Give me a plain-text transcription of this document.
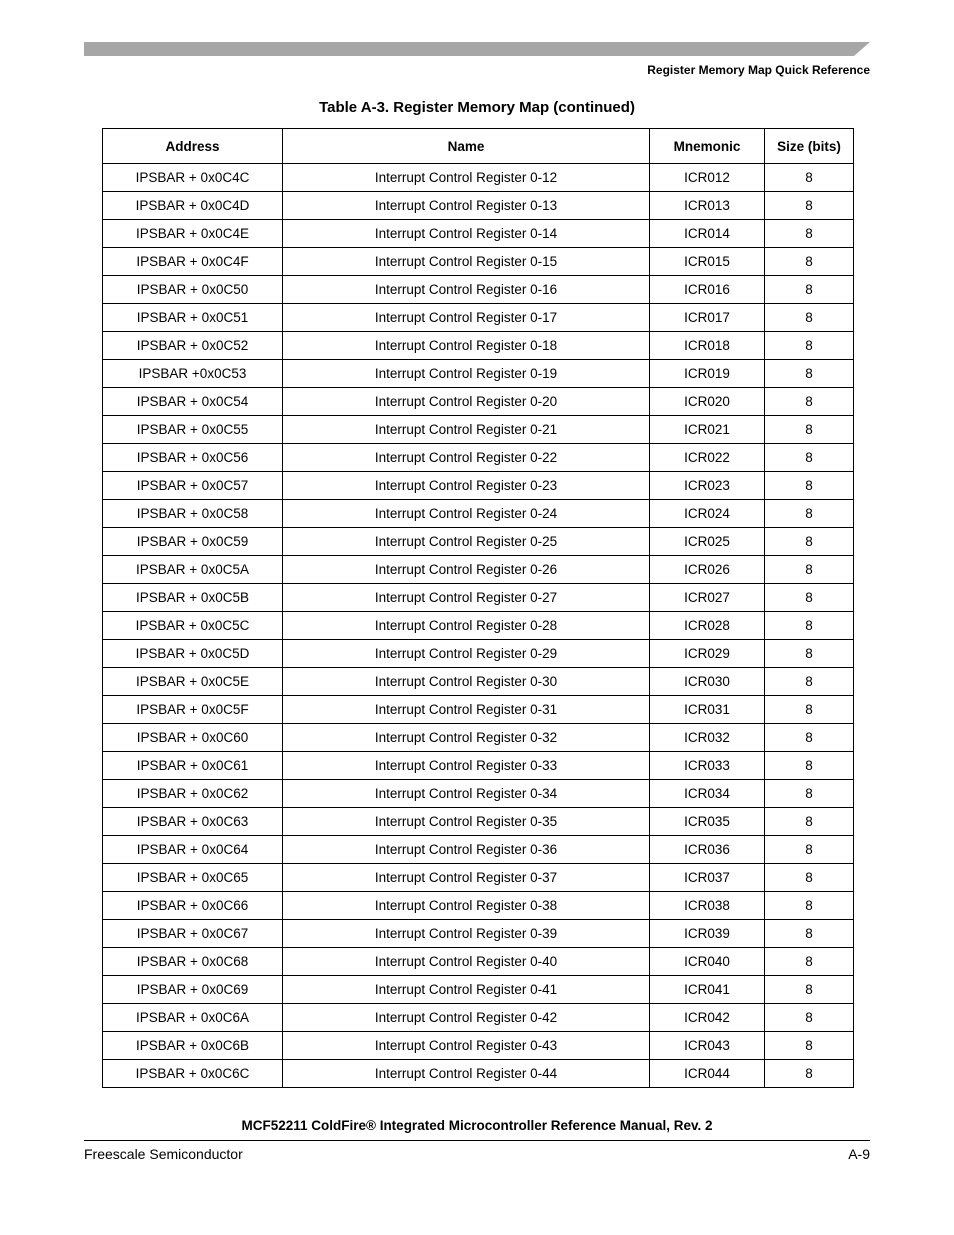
Register Memory Map Quick Reference
Table A-3. Register Memory Map (continued)
Address	Name	Mnemonic	Size (bits)
IPSBAR + 0x0C4C	Interrupt Control Register 0-12	ICR012	8
IPSBAR + 0x0C4D	Interrupt Control Register 0-13	ICR013	8
IPSBAR + 0x0C4E	Interrupt Control Register 0-14	ICR014	8
IPSBAR + 0x0C4F	Interrupt Control Register 0-15	ICR015	8
IPSBAR + 0x0C50	Interrupt Control Register 0-16	ICR016	8
IPSBAR + 0x0C51	Interrupt Control Register 0-17	ICR017	8
IPSBAR + 0x0C52	Interrupt Control Register 0-18	ICR018	8
IPSBAR +0x0C53	Interrupt Control Register 0-19	ICR019	8
IPSBAR + 0x0C54	Interrupt Control Register 0-20	ICR020	8
IPSBAR + 0x0C55	Interrupt Control Register 0-21	ICR021	8
IPSBAR + 0x0C56	Interrupt Control Register 0-22	ICR022	8
IPSBAR + 0x0C57	Interrupt Control Register 0-23	ICR023	8
IPSBAR + 0x0C58	Interrupt Control Register 0-24	ICR024	8
IPSBAR + 0x0C59	Interrupt Control Register 0-25	ICR025	8
IPSBAR + 0x0C5A	Interrupt Control Register 0-26	ICR026	8
IPSBAR + 0x0C5B	Interrupt Control Register 0-27	ICR027	8
IPSBAR + 0x0C5C	Interrupt Control Register 0-28	ICR028	8
IPSBAR + 0x0C5D	Interrupt Control Register 0-29	ICR029	8
IPSBAR + 0x0C5E	Interrupt Control Register 0-30	ICR030	8
IPSBAR + 0x0C5F	Interrupt Control Register 0-31	ICR031	8
IPSBAR + 0x0C60	Interrupt Control Register 0-32	ICR032	8
IPSBAR + 0x0C61	Interrupt Control Register 0-33	ICR033	8
IPSBAR + 0x0C62	Interrupt Control Register 0-34	ICR034	8
IPSBAR + 0x0C63	Interrupt Control Register 0-35	ICR035	8
IPSBAR + 0x0C64	Interrupt Control Register 0-36	ICR036	8
IPSBAR + 0x0C65	Interrupt Control Register 0-37	ICR037	8
IPSBAR + 0x0C66	Interrupt Control Register 0-38	ICR038	8
IPSBAR + 0x0C67	Interrupt Control Register 0-39	ICR039	8
IPSBAR + 0x0C68	Interrupt Control Register 0-40	ICR040	8
IPSBAR + 0x0C69	Interrupt Control Register 0-41	ICR041	8
IPSBAR + 0x0C6A	Interrupt Control Register 0-42	ICR042	8
IPSBAR + 0x0C6B	Interrupt Control Register 0-43	ICR043	8
IPSBAR + 0x0C6C	Interrupt Control Register 0-44	ICR044	8
MCF52211 ColdFire® Integrated Microcontroller Reference Manual, Rev. 2
Freescale Semiconductor	A-9
